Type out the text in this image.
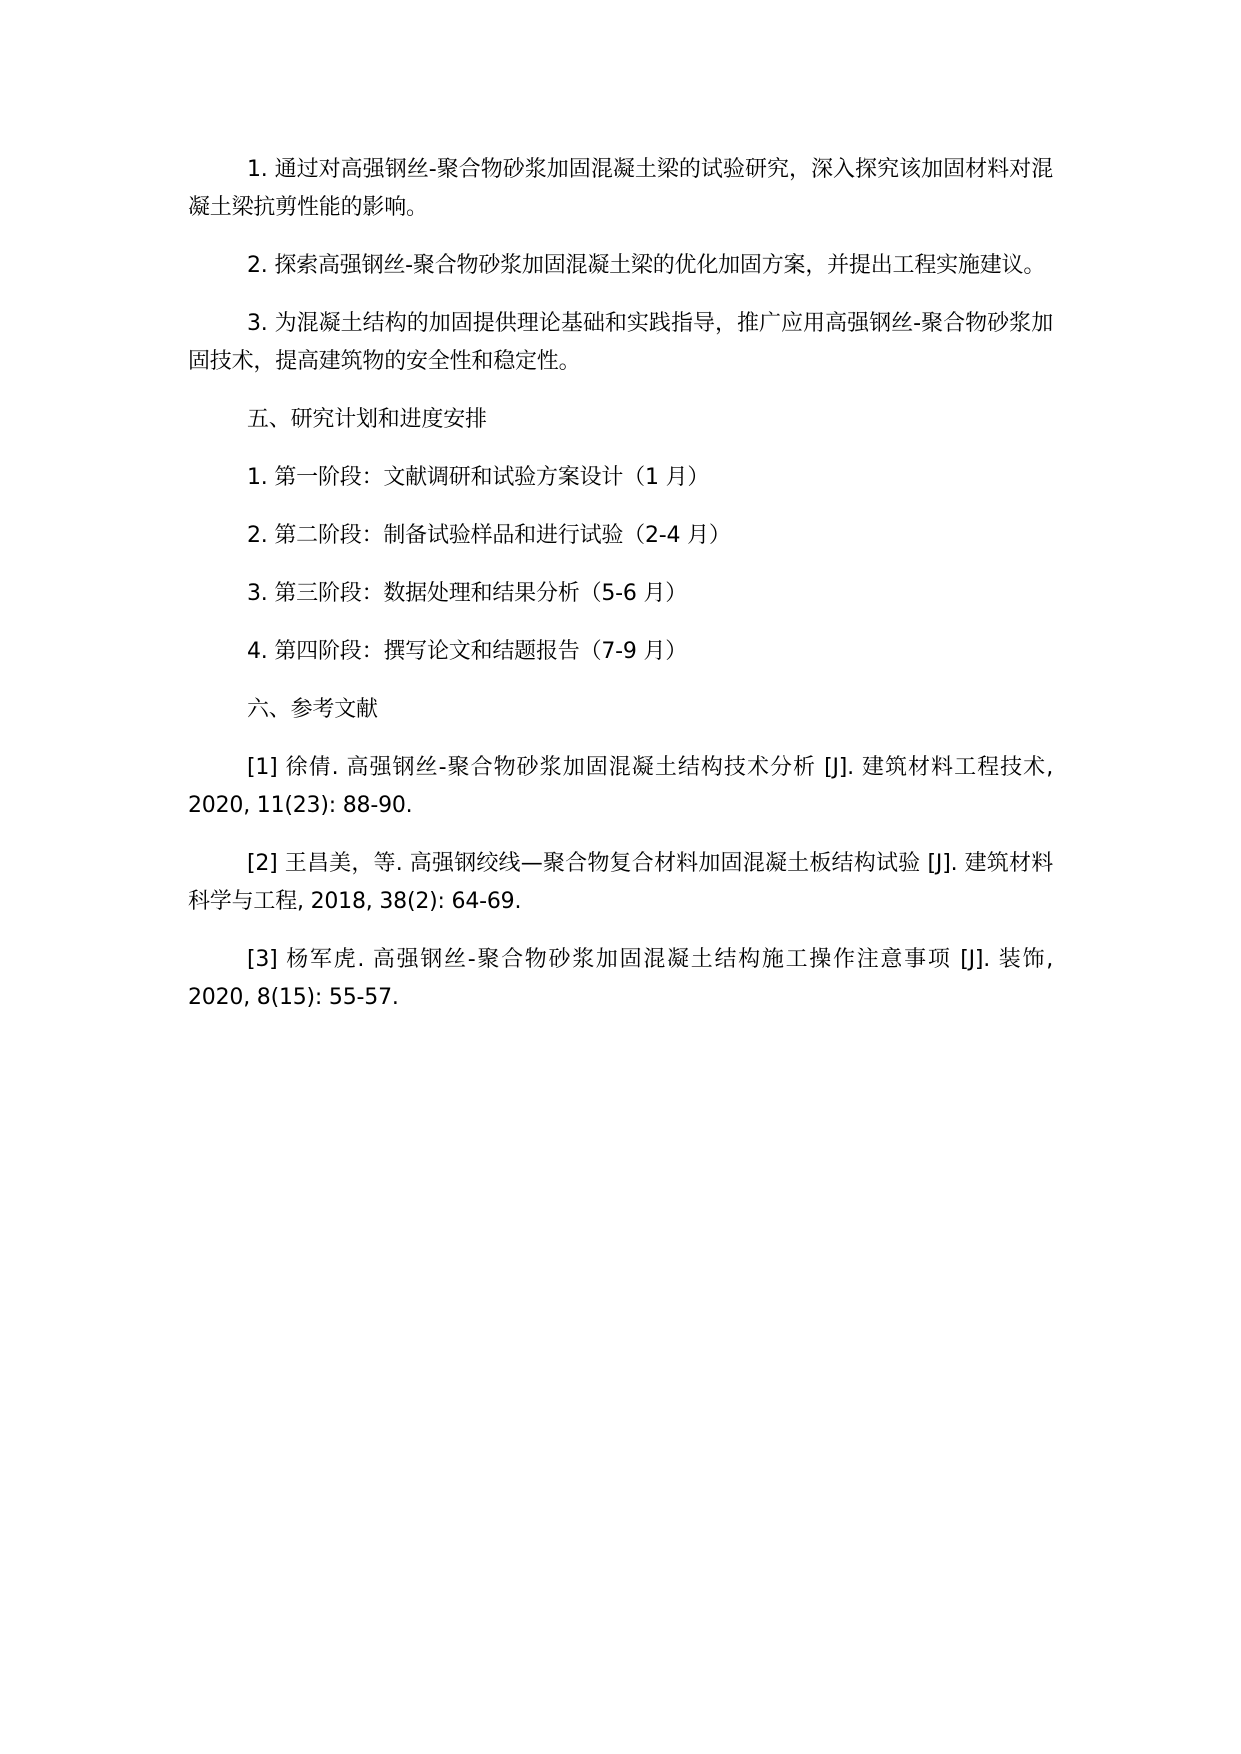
1. 通过对高强钢丝-聚合物砂浆加固混凝土梁的试验研究，深入探究该加固材料对混凝土梁抗剪性能的影响。

2. 探索高强钢丝-聚合物砂浆加固混凝土梁的优化加固方案，并提出工程实施建议。

3. 为混凝土结构的加固提供理论基础和实践指导，推广应用高强钢丝-聚合物砂浆加固技术，提高建筑物的安全性和稳定性。

五、研究计划和进度安排

1. 第一阶段：文献调研和试验方案设计（1 月）

2. 第二阶段：制备试验样品和进行试验（2-4 月）

3. 第三阶段：数据处理和结果分析（5-6 月）

4. 第四阶段：撰写论文和结题报告（7-9 月）

六、参考文献

[1] 徐倩. 高强钢丝-聚合物砂浆加固混凝土结构技术分析 [J]. 建筑材料工程技术, 2020, 11(23): 88-90.

[2] 王昌美，等. 高强钢绞线—聚合物复合材料加固混凝土板结构试验 [J]. 建筑材料科学与工程, 2018, 38(2): 64-69.

[3] 杨军虎. 高强钢丝-聚合物砂浆加固混凝土结构施工操作注意事项 [J]. 装饰, 2020, 8(15): 55-57.
